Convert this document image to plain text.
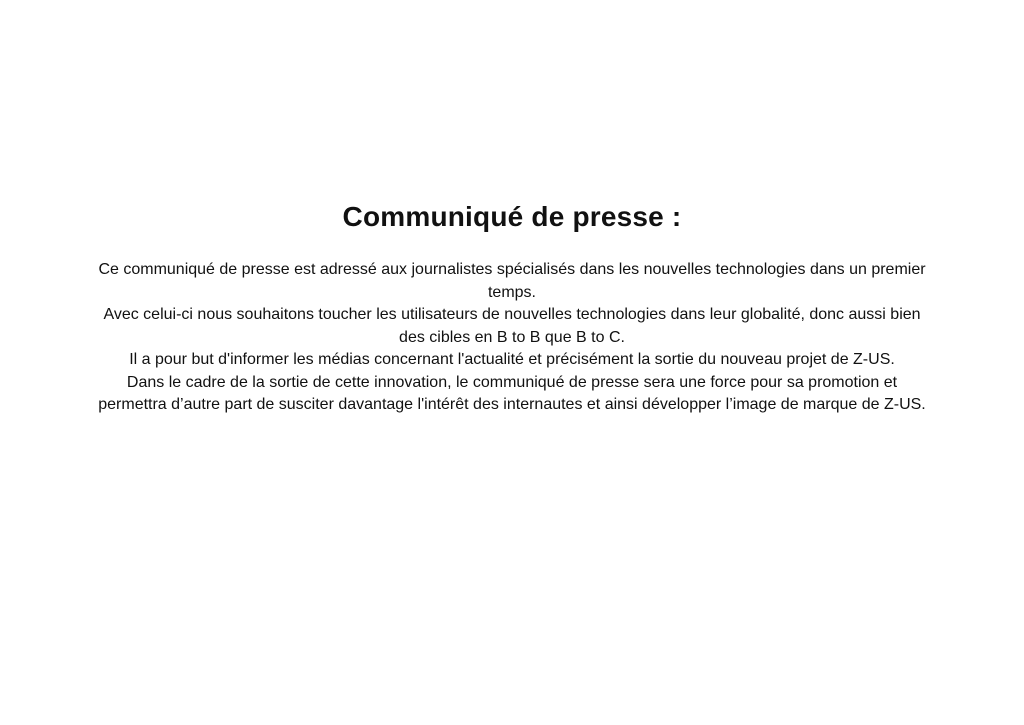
Communiqué de presse :

Ce communiqué de presse est adressé aux journalistes spécialisés dans les nouvelles technologies dans un premier temps.

Avec celui-ci nous souhaitons toucher les utilisateurs de nouvelles technologies dans leur globalité, donc aussi bien des cibles en B to B que B to C.

Il a pour but d'informer les médias concernant l'actualité et précisément la sortie du nouveau projet de Z-US.

Dans le cadre de la sortie de cette innovation, le communiqué de presse sera une force pour sa promotion et permettra d’autre part de susciter davantage l'intérêt des internautes et ainsi développer l’image de marque de Z-US.
